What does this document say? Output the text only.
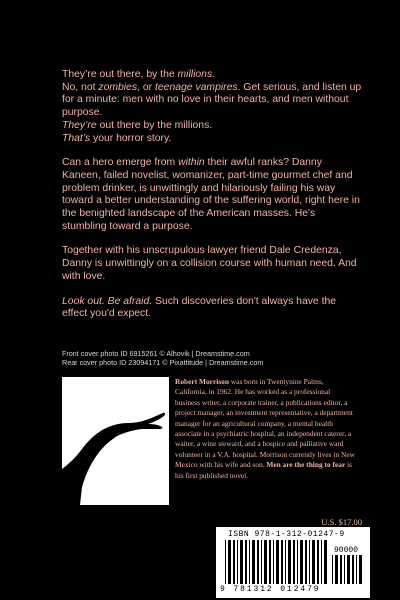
They’re out there, by the millions.
No, not zombies, or teenage vampires. Get serious, and listen up for a minute: men with no love in their hearts, and men without purpose.
They’re out there by the millions.
That’s your horror story.

Can a hero emerge from within their awful ranks? Danny Kaneen, failed novelist, womanizer, part-time gourmet chef and problem drinker, is unwittingly and hilariously failing his way toward a better understanding of the suffering world, right here in the benighted landscape of the American masses. He's stumbling toward a purpose.

Together with his unscrupulous lawyer friend Dale Credenza, Danny is unwittingly on a collision course with human need. And with love.

Look out. Be afraid. Such discoveries don't always have the effect you'd expect.

Front cover photo ID 6915261 © Alhovik | Dreamstime.com
Rear cover photo ID 23094171 © Pixattitude | Dreamstime.com
Robert Morrison was born in Twentynine Palms, California, in 1962. He has worked as a professional business writer, a corporate trainer, a publications editor, a project manager, an investment representative, a department manager for an agricultural company, a mental health associate in a psychiatric hospital, an independent caterer, a waiter, a wine steward, and a hospice and palliative ward volunteer in a V.A. hospital. Morrison currently lives in New Mexico with his wife and son. Men are the thing to fear is his first published novel.
U.S. $17.00
ISBN 978-1-312-01247-9
90000
9 781312 012479
